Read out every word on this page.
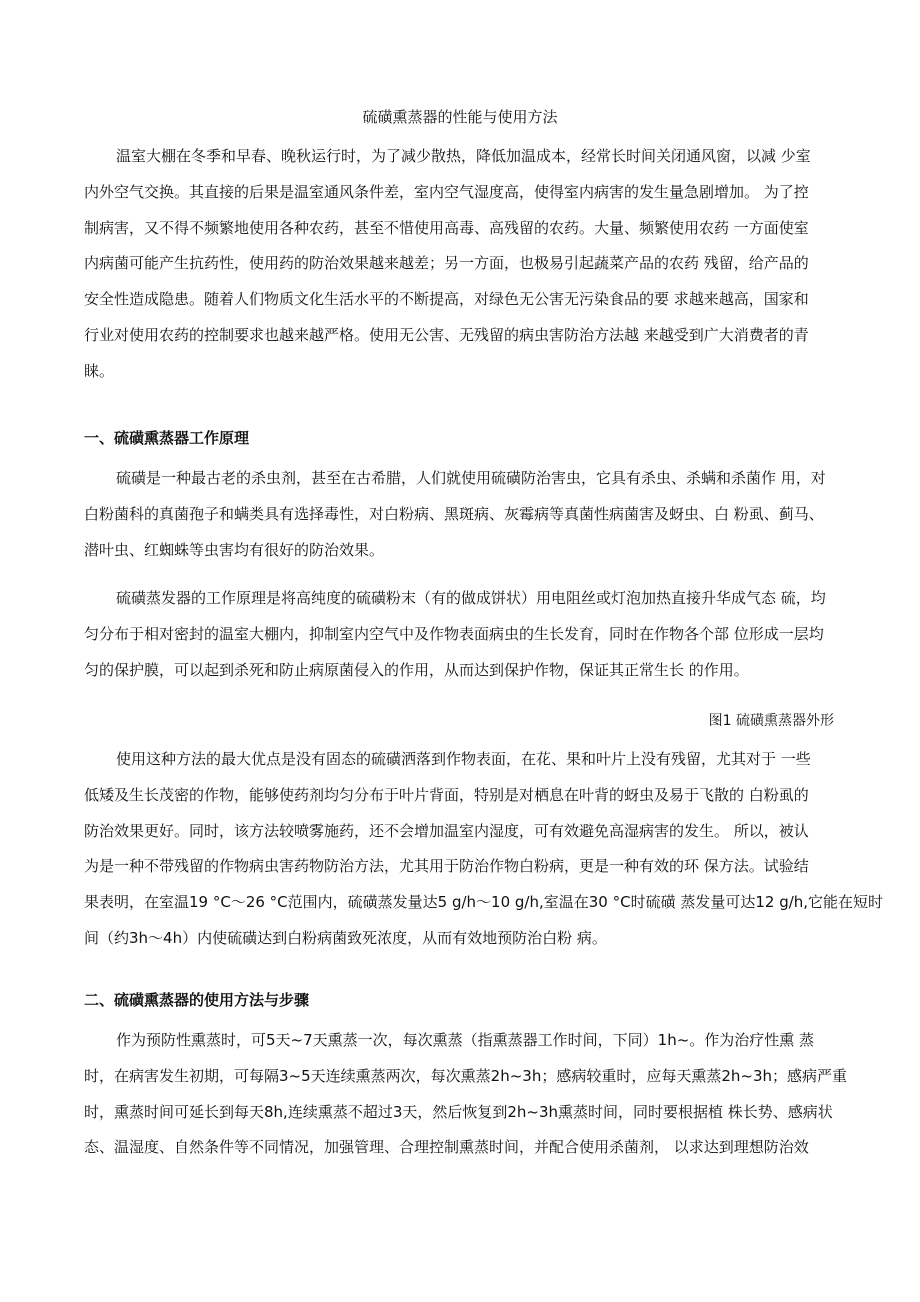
硫磺熏蒸器的性能与使用方法
温室大棚在冬季和早春、晚秋运行时，为了减少散热，降低加温成本，经常长时间关闭通风窗，以减 少室
内外空气交换。其直接的后果是温室通风条件差，室内空气湿度高，使得室内病害的发生量急剧增加。 为了控
制病害，又不得不频繁地使用各种农药，甚至不惜使用高毒、高残留的农药。大量、频繁使用农药 一方面使室
内病菌可能产生抗药性，使用药的防治效果越来越差；另一方面，也极易引起蔬菜产品的农药 残留，给产品的
安全性造成隐患。随着人们物质文化生活水平的不断提高，对绿色无公害无污染食品的要 求越来越高，国家和
行业对使用农药的控制要求也越来越严格。使用无公害、无残留的病虫害防治方法越 来越受到广大消费者的青
睐。
一、硫磺熏蒸器工作原理
硫磺是一种最古老的杀虫剂，甚至在古希腊，人们就使用硫磺防治害虫，它具有杀虫、杀螨和杀菌作 用，对
白粉菌科的真菌孢子和螨类具有选择毒性，对白粉病、黑斑病、灰霉病等真菌性病菌害及蚜虫、白 粉虱、蓟马、
潜叶虫、红蜘蛛等虫害均有很好的防治效果。
硫磺蒸发器的工作原理是将高纯度的硫磺粉末（有的做成饼状）用电阻丝或灯泡加热直接升华成气态 硫，均
匀分布于相对密封的温室大棚内，抑制室内空气中及作物表面病虫的生长发育，同时在作物各个部 位形成一层均
匀的保护膜，可以起到杀死和防止病原菌侵入的作用，从而达到保护作物，保证其正常生长 的作用。
图1 硫磺熏蒸器外形
使用这种方法的最大优点是没有固态的硫磺洒落到作物表面，在花、果和叶片上没有残留，尤其对于 一些
低矮及生长茂密的作物，能够使药剂均匀分布于叶片背面，特别是对栖息在叶背的蚜虫及易于飞散的 白粉虱的
防治效果更好。同时，该方法较喷雾施药，还不会增加温室内湿度，可有效避免高湿病害的发生。 所以，被认
为是一种不带残留的作物病虫害药物防治方法，尤其用于防治作物白粉病，更是一种有效的环 保方法。试验结
果表明，在室温19 °C〜26 °C范围内，硫磺蒸发量达5 g/h〜10 g/h,室温在30 °C时硫磺 蒸发量可达12 g/h,它能在短时
间（约3h〜4h）内使硫磺达到白粉病菌致死浓度，从而有效地预防治白粉 病。
二、硫磺熏蒸器的使用方法与步骤
作为预防性熏蒸时，可5天~7天熏蒸一次，每次熏蒸（指熏蒸器工作时间，下同）1h~。作为治疗性熏 蒸
时，在病害发生初期，可每隔3~5天连续熏蒸两次，每次熏蒸2h~3h；感病较重时，应每天熏蒸2h~3h；感病严重
时，熏蒸时间可延长到每天8h,连续熏蒸不超过3天，然后恢复到2h~3h熏蒸时间，同时要根据植 株长势、感病状
态、温湿度、自然条件等不同情况，加强管理、合理控制熏蒸时间，并配合使用杀菌剂， 以求达到理想防治效
